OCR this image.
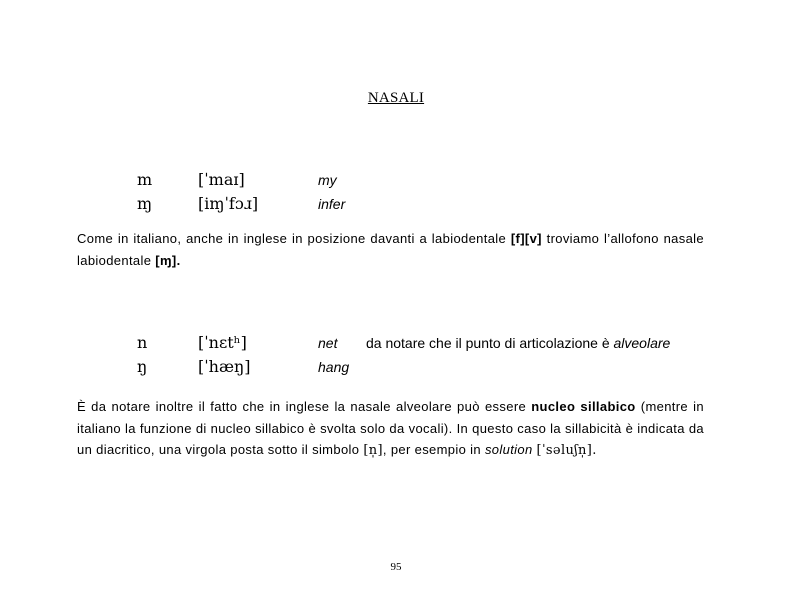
NASALI
m	[ˈmaɪ]	my
ɱ	[iɱˈfɔɹ]	infer
Come in italiano, anche in inglese in posizione davanti a labiodentale [f][v] troviamo l’allofono nasale labiodentale [ɱ].
n	[ˈnɛtʰ]	net da notare che il punto di articolazione è alveolare
ŋ	[ˈhæŋ]	hang
È da notare inoltre il fatto che in inglese la nasale alveolare può essere nucleo sillabico (mentre in italiano la funzione di nucleo sillabico è svolta solo da vocali). In questo caso la sillabicità è indicata da un diacritico, una virgola posta sotto il simbolo [n̩], per esempio in solution [ˈsəluʃn̩].
95
